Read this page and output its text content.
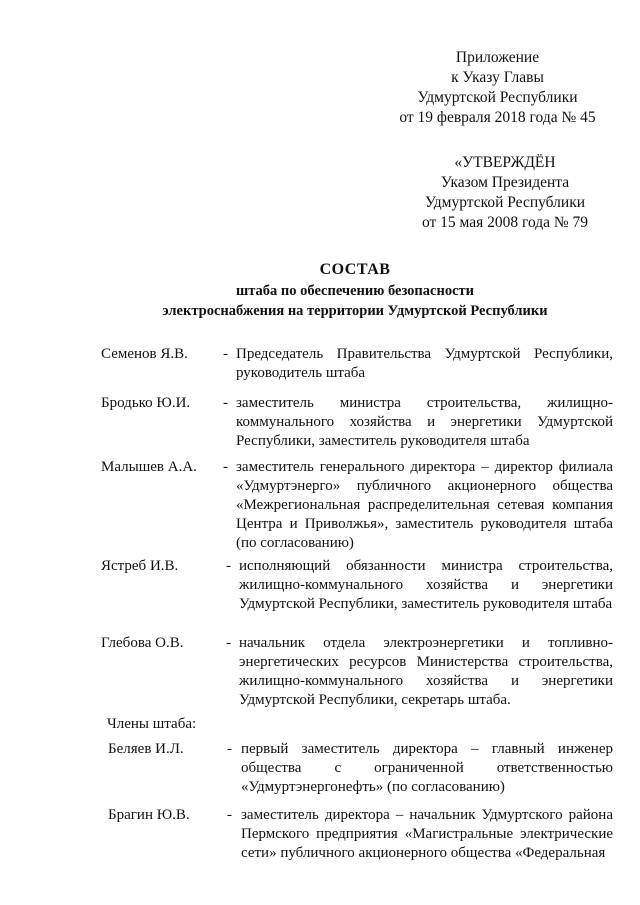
Приложение
к Указу Главы
Удмуртской Республики
от 19 февраля 2018 года № 45
«УТВЕРЖДЁН
Указом Президента
Удмуртской Республики
от 15 мая 2008 года № 79
СОСТАВ
штаба по обеспечению безопасности
электроснабжения на территории Удмуртской Республики
Семенов Я.В.	- Председатель Правительства Удмуртской Республики, руководитель штаба
Бродько Ю.И.	- заместитель министра строительства, жилищно-коммунального хозяйства и энергетики Удмуртской Республики, заместитель руководителя штаба
Малышев А.А.	- заместитель генерального директора – директор филиала «Удмуртэнерго» публичного акционерного общества «Межрегиональная распределительная сетевая компания Центра и Приволжья», заместитель руководителя штаба (по согласованию)
Ястреб И.В.	- исполняющий обязанности министра строительства, жилищно-коммунального хозяйства и энергетики Удмуртской Республики, заместитель руководителя штаба
Глебова О.В.	- начальник отдела электроэнергетики и топливно-энергетических ресурсов Министерства строительства, жилищно-коммунального хозяйства и энергетики Удмуртской Республики, секретарь штаба.
Члены штаба:
Беляев И.Л.	- первый заместитель директора – главный инженер общества с ограниченной ответственностью «Удмуртэнергонефть» (по согласованию)
Брагин Ю.В.	- заместитель директора – начальник Удмуртского района Пермского предприятия «Магистральные электрические сети» публичного акционерного общества «Федеральная
